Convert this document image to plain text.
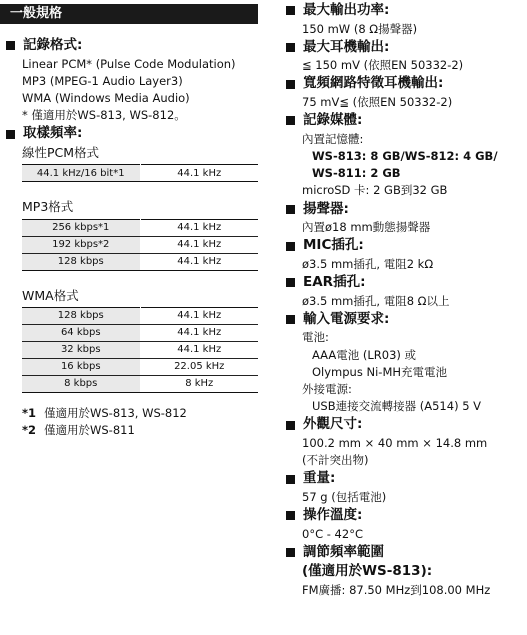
一般規格
記錄格式:
Linear PCM* (Pulse Code Modulation)
MP3 (MPEG-1 Audio Layer3)
WMA (Windows Media Audio)
* 僅適用於WS-813, WS-812。
取樣頻率:
線性PCM格式
44.1 kHz/16 bit*1	44.1 kHz
MP3格式
256 kbps*1	44.1 kHz
192 kbps*2	44.1 kHz
128 kbps	44.1 kHz
WMA格式
128 kbps	44.1 kHz
64 kbps	44.1 kHz
32 kbps	44.1 kHz
16 kbps	22.05 kHz
8 kbps	8 kHz
*1 僅適用於WS-813, WS-812
*2 僅適用於WS-811
最大輸出功率:
150 mW (8 Ω揚聲器)
最大耳機輸出:
≦ 150 mV (依照EN 50332-2)
寬頻網路特徵耳機輸出:
75 mV≦ (依照EN 50332-2)
記錄媒體:
內置記憶體:
WS-813: 8 GB/WS-812: 4 GB/
WS-811: 2 GB
microSD 卡: 2 GB到32 GB
揚聲器:
內置ø18 mm動態揚聲器
MIC插孔:
ø3.5 mm插孔, 電阻2 kΩ
EAR插孔:
ø3.5 mm插孔, 電阻8 Ω以上
輸入電源要求:
電池:
AAA電池 (LR03) 或
Olympus Ni-MH充電電池
外接電源:
USB連接交流轉接器 (A514) 5 V
外觀尺寸:
100.2 mm × 40 mm × 14.8 mm
(不計突出物)
重量:
57 g (包括電池)
操作溫度:
0°C - 42°C
調節頻率範圍
(僅適用於WS-813):
FM廣播: 87.50 MHz到108.00 MHz
